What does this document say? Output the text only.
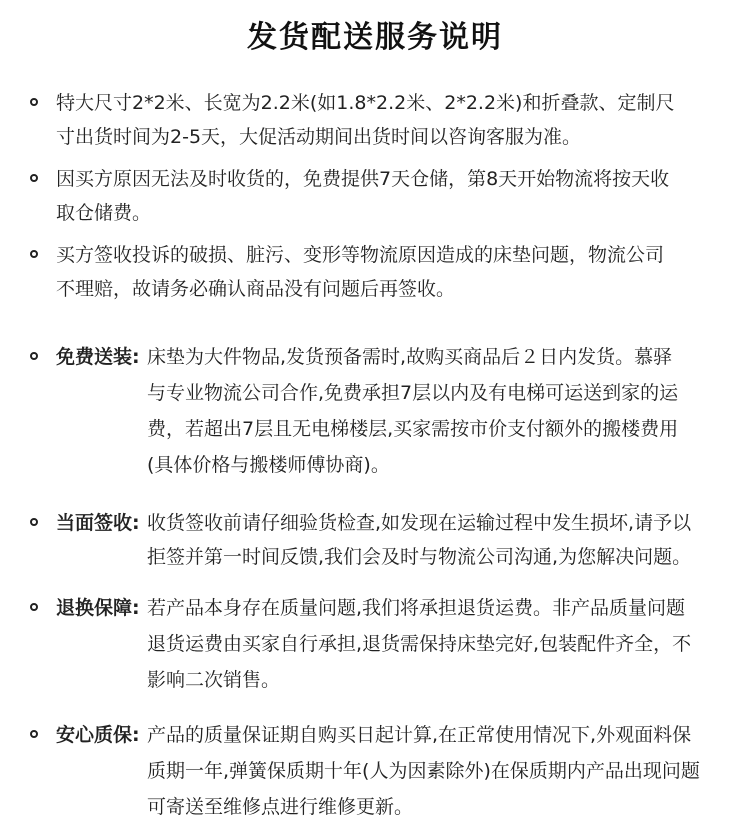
发货配送服务说明
特大尺寸2*2米、长宽为2.2米(如1.8*2.2米、2*2.2米)和折叠款、定制尺
寸出货时间为2-5天，大促活动期间出货时间以咨询客服为准。
因买方原因无法及时收货的，免费提供7天仓储，第8天开始物流将按天收
取仓储费。
买方签收投诉的破损、脏污、变形等物流原因造成的床垫问题，物流公司
不理赔，故请务必确认商品没有问题后再签收。
免费送装: 床垫为大件物品,发货预备需时,故购买商品后２日内发货。慕驿
与专业物流公司合作,免费承担7层以内及有电梯可运送到家的运
费，若超出7层且无电梯楼层,买家需按市价支付额外的搬楼费用
(具体价格与搬楼师傅协商)。
当面签收: 收货签收前请仔细验货检查,如发现在运输过程中发生损坏,请予以
拒签并第一时间反馈,我们会及时与物流公司沟通,为您解决问题。
退换保障: 若产品本身存在质量问题,我们将承担退货运费。非产品质量问题
退货运费由买家自行承担,退货需保持床垫完好,包装配件齐全，不
影响二次销售。
安心质保: 产品的质量保证期自购买日起计算,在正常使用情况下,外观面料保
质期一年,弹簧保质期十年(人为因素除外)在保质期内产品出现问题
可寄送至维修点进行维修更新。
